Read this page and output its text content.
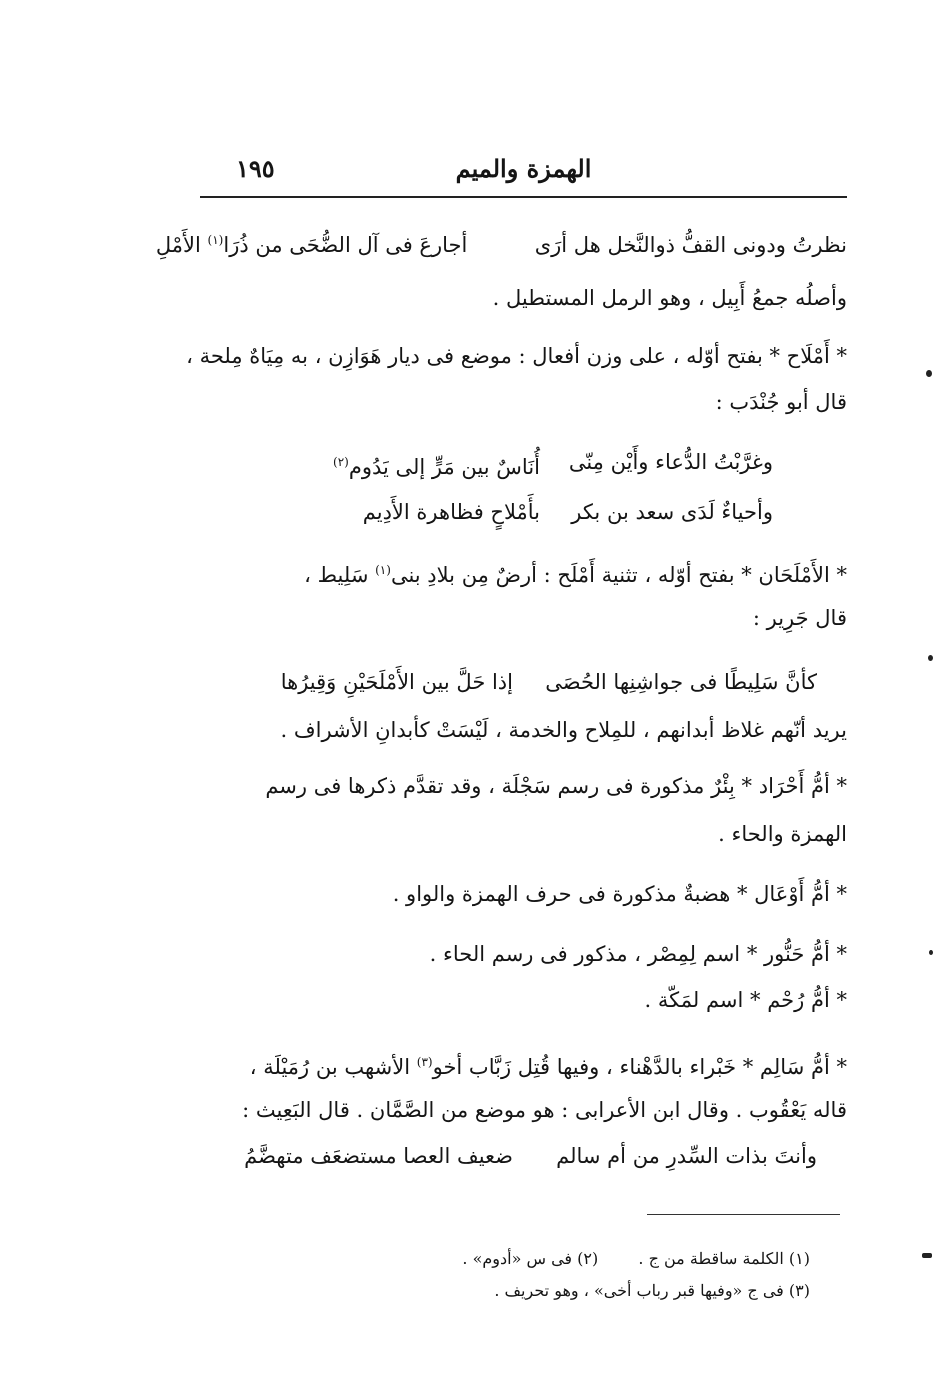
الهمزة والميم
١٩٥
نظرتُ ودونى القفُّ ذوالنَّخل هل أرَى  أجارعَ فى آل الضُّحَى من ذُرَا$^{(١)}$ الأَمْلِ
وأصلُه جمعُ أَبِيل ، وهو الرمل المستطيل .
* أَمْلَاح * بفتح أوّله ، على وزن أفعال : موضع فى ديار هَوَازِن ، به مِيَاهٌ مِلحة ،
قال أبو جُنْدَب :
وغرَّبْتُ الدُّعاء وأَيْن مِنّى
أُنَاسٌ بين مَرٍّ إلى يَدُوم$^{(٢)}$
وأحياءٌ لَدَى سعد بن بكر
بأَمْلاحٍ فظاهرة الأَدِيم
* الأَمْلَحَان * بفتح أوّله ، تثنية أَمْلَح : أرضٌ مِن بلادِ بنى$^{(١)}$ سَلِيط ،
قال جَرِير :
كأنَّ سَلِيطًا فى جواشِنِها الحُصَى
إذا حَلَّ بين الأَمْلَحَيْنِ وَقِيرُها
يريد أنّهم غلاظ أبدانهم ، للمِلاح والخدمة ، لَيْسَتْ كأبدانِ الأشراف .
* أمُّ أَحْرَاد * بِئْرٌ مذكورة فى رسم سَجْلَة ، وقد تقدَّم ذكرها فى رسم
الهمزة والحاء .
* أمُّ أَوْعَال * هضبةٌ مذكورة فى حرف الهمزة والواو .
* أمُّ حَنُّور * اسم لِمِصْر ، مذكور فى رسم الحاء .
* أمُّ رُحْم * اسم لمَكّة .
* أمُّ سَالِم * خَبْراء بالدَّهْناء ، وفيها قُتِل زَبَّاب أخو$^{(٣)}$ الأشهب بن رُمَيْلَة ،
قاله يَعْقُوب . وقال ابن الأعرابى : هو موضع من الصَّمَّان . قال البَعِيث :
وأنتَ بذات السِّدرِ من أم سالم
ضعيف العصا مستضعَف متهضَّمُ
(١) الكلمة ساقطة من ج .  (٢) فى س «أدوم» .
(٣) فى ج «وفيها قبر رباب أخى» ، وهو تحريف .
